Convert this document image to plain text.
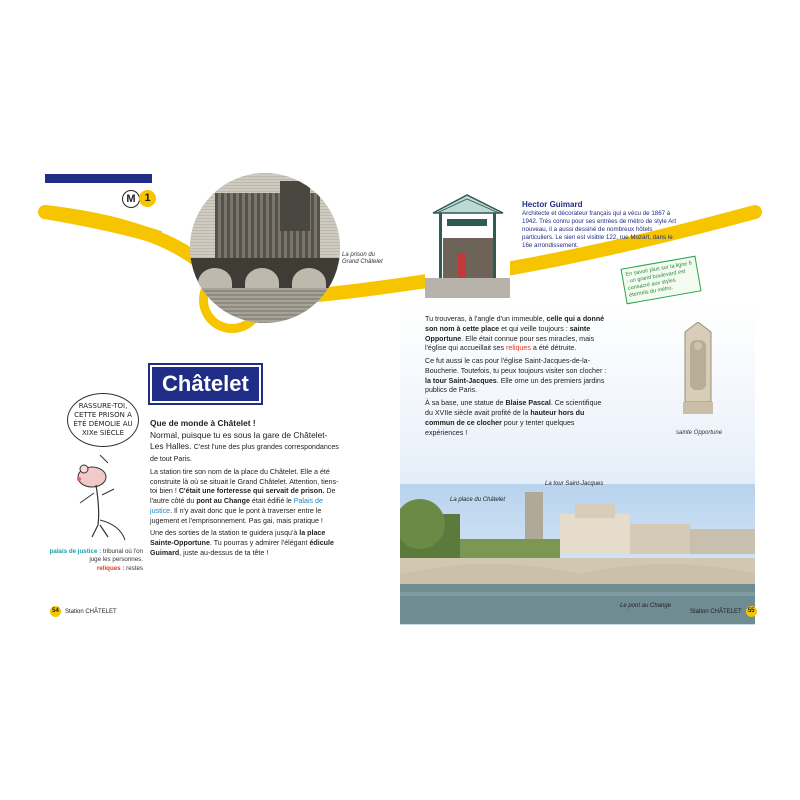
M 1
La prison du Grand Châtelet
Hector Guimard
Architecte et décorateur français qui a vécu de 1867 à 1942. Très connu pour ses entrées de métro de style Art nouveau, il a aussi dessiné de nombreux hôtels particuliers. Le sien est visible 122, rue Mozart, dans le 16e arrondissement.
En savoir plus sur la ligne 6 : un grand boulevard est consacré aux styles éternels du métro.
Châtelet
RASSURE-TOI, CETTE PRISON A ÉTÉ DÉMOLIE AU XIXe SIÈCLE
palais de justice : tribunal où l'on juge les personnes.
reliques : restes

Que de monde à Châtelet !
Normal, puisque tu es sous la gare de Châtelet-Les Halles. C'est l'une des plus grandes correspondances de tout Paris.

La station tire son nom de la place du Châtelet. Elle a été construite là où se situait le Grand Châtelet. Attention, tiens-toi bien ! C'était une forteresse qui servait de prison. De l'autre côté du pont au Change était édifié le Palais de justice. Il n'y avait donc que le pont à traverser entre le jugement et l'emprisonnement. Pas gai, mais pratique !

Une des sorties de la station te guidera jusqu'à la place Sainte-Opportune. Tu pourras y admirer l'élégant édicule Guimard, juste au-dessus de ta tête !

Tu trouveras, à l'angle d'un immeuble, celle qui a donné son nom à cette place et qui veille toujours : sainte Opportune. Elle était connue pour ses miracles, mais l'église qui accueillait ses reliques a été détruite.

Ce fut aussi le cas pour l'église Saint-Jacques-de-la-Boucherie. Toutefois, tu peux toujours visiter son clocher : la tour Saint-Jacques. Elle orne un des premiers jardins publics de Paris.

À sa base, une statue de Blaise Pascal. Ce scientifique du XVIIe siècle avait profité de la hauteur hors du commun de ce clocher pour y tenter quelques expériences !	sainte Opportune
La place du Châtelet
La tour Saint-Jacques
Le pont au Change
54	Station CHÂTELET	Station CHÂTELET	55
